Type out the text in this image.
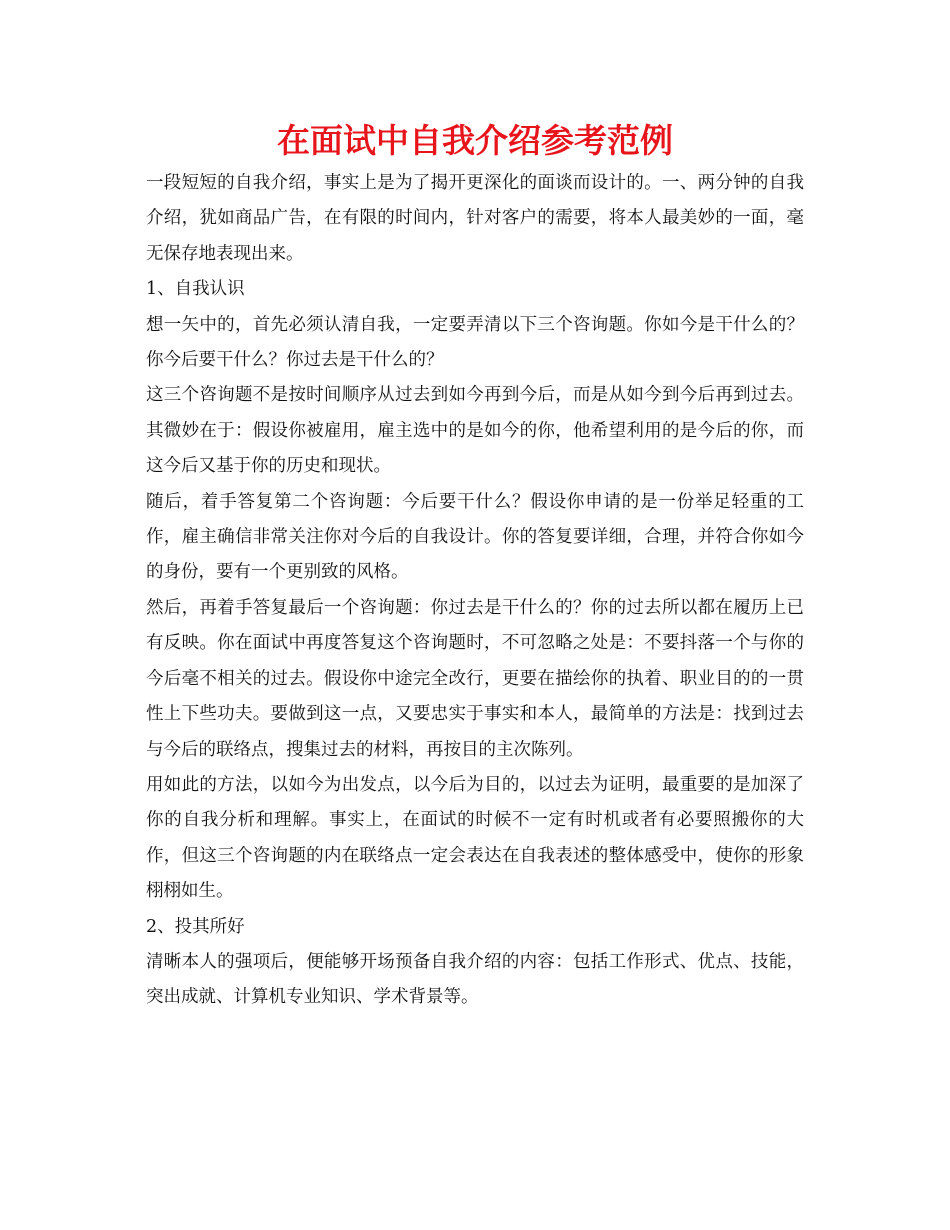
在面试中自我介绍参考范例

一段短短的自我介绍，事实上是为了揭开更深化的面谈而设计的。一、两分钟的自我介绍，犹如商品广告，在有限的时间内，针对客户的需要，将本人最美妙的一面，毫无保存地表现出来。

1、自我认识

想一矢中的，首先必须认清自我，一定要弄清以下三个咨询题。你如今是干什么的？你今后要干什么？你过去是干什么的？

这三个咨询题不是按时间顺序从过去到如今再到今后，而是从如今到今后再到过去。其微妙在于：假设你被雇用，雇主选中的是如今的你，他希望利用的是今后的你，而这今后又基于你的历史和现状。

随后，着手答复第二个咨询题：今后要干什么？假设你申请的是一份举足轻重的工作，雇主确信非常关注你对今后的自我设计。你的答复要详细，合理，并符合你如今的身份，要有一个更别致的风格。

然后，再着手答复最后一个咨询题：你过去是干什么的？你的过去所以都在履历上已有反映。你在面试中再度答复这个咨询题时，不可忽略之处是：不要抖落一个与你的今后毫不相关的过去。假设你中途完全改行，更要在描绘你的执着、职业目的的一贯性上下些功夫。要做到这一点，又要忠实于事实和本人，最简单的方法是：找到过去与今后的联络点，搜集过去的材料，再按目的主次陈列。

用如此的方法，以如今为出发点，以今后为目的，以过去为证明，最重要的是加深了你的自我分析和理解。事实上，在面试的时候不一定有时机或者有必要照搬你的大作，但这三个咨询题的内在联络点一定会表达在自我表述的整体感受中，使你的形象栩栩如生。

2、投其所好

清晰本人的强项后，便能够开场预备自我介绍的内容：包括工作形式、优点、技能，突出成就、计算机专业知识、学术背景等。
